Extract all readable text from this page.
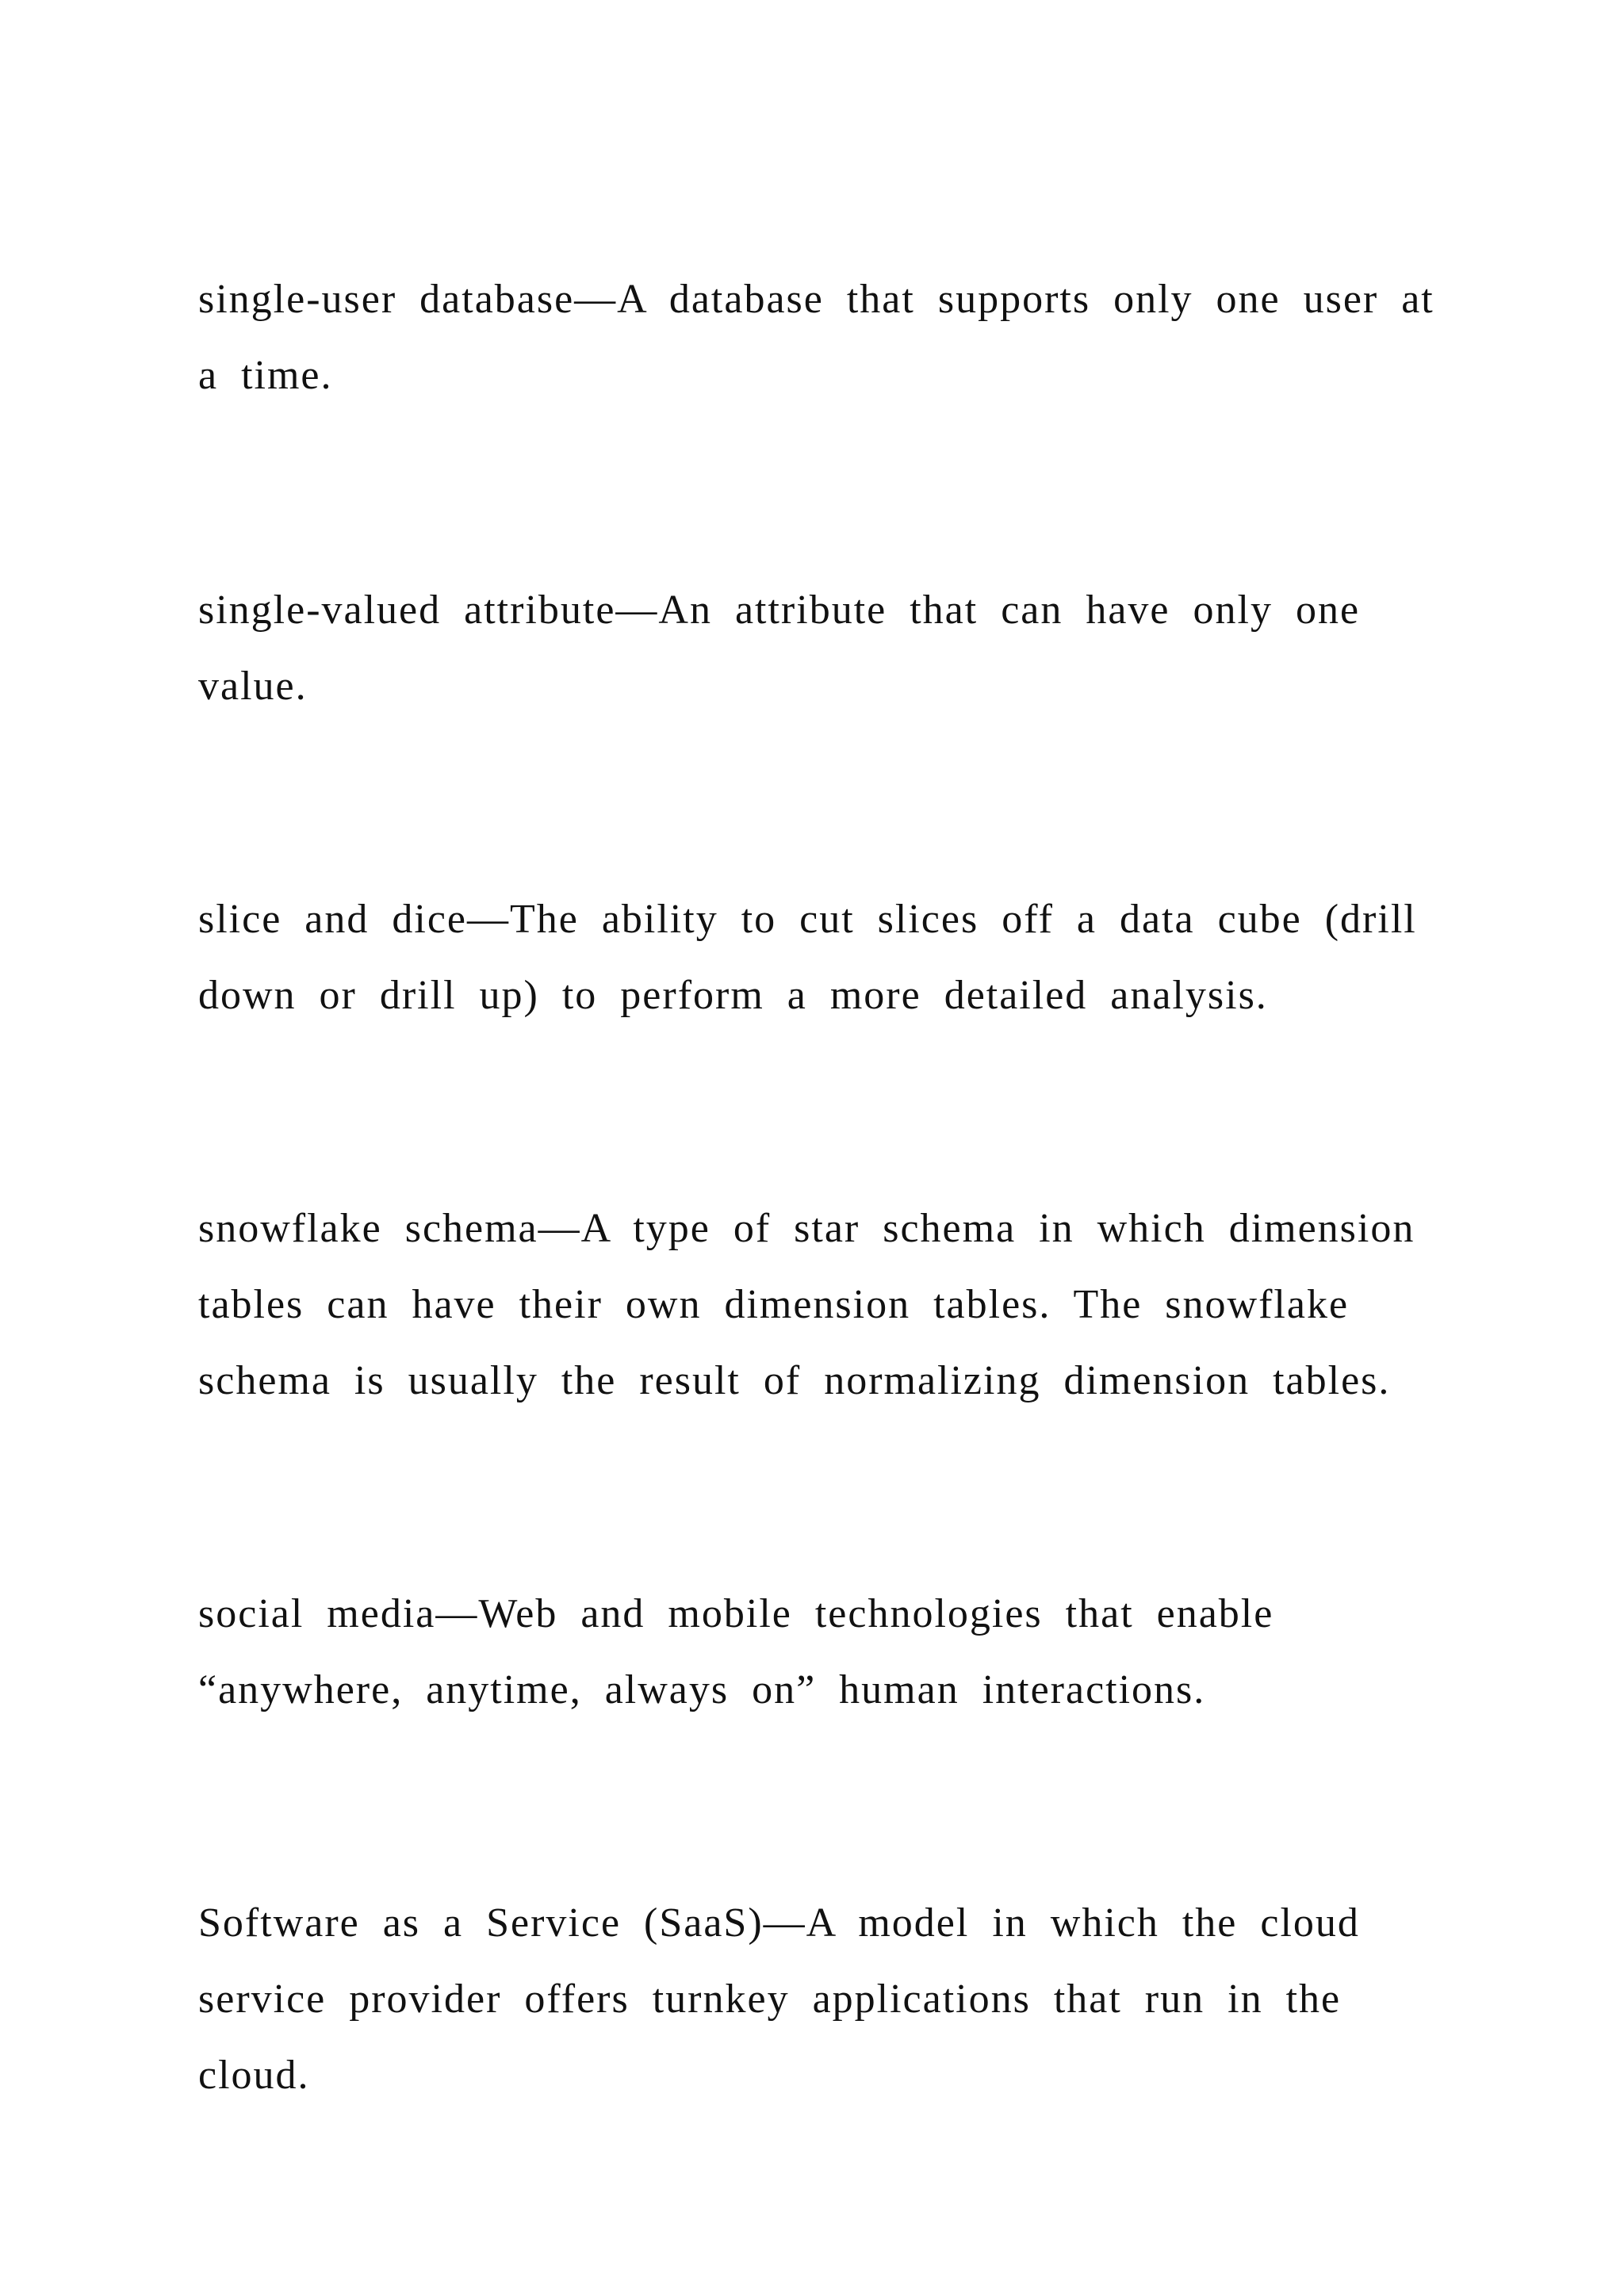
single-user database—A database that supports only one user at a time.

single-valued attribute—An attribute that can have only one value.

slice and dice—The ability to cut slices off a data cube (drill down or drill up) to perform a more detailed analysis.

snowflake schema—A type of star schema in which dimension tables can have their own dimension tables. The snowflake schema is usually the result of normalizing dimension tables.

social media—Web and mobile technologies that enable “anywhere, anytime, always on” human interactions.

Software as a Service (SaaS)—A model in which the cloud service provider offers turnkey applications that run in the cloud.
